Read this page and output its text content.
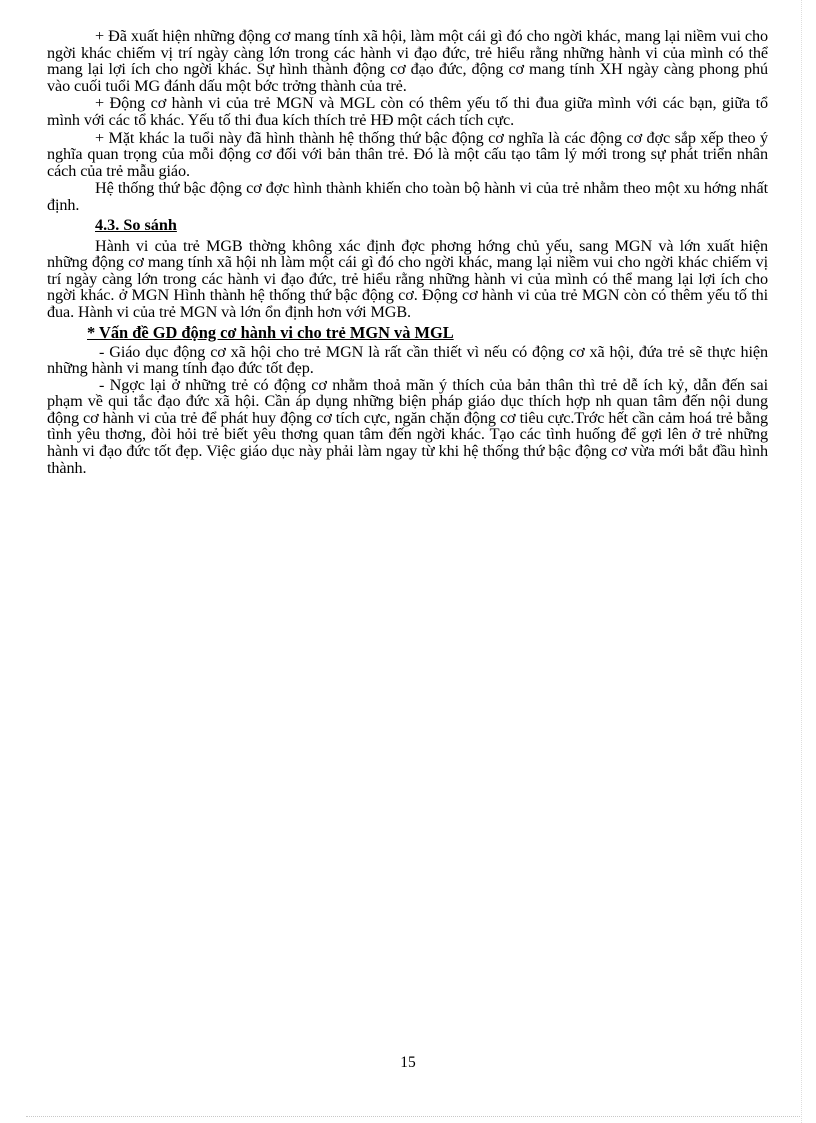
+ Đã xuất hiện những động cơ mang tính xã hội, làm một cái gì đó cho ngời khác, mang lại niềm vui cho ngời khác chiếm vị trí ngày càng lớn trong các hành vi đạo đức, trẻ hiểu rằng những hành vi của mình có thể mang lại lợi ích cho ngời khác. Sự hình thành động cơ đạo đức, động cơ mang tính XH ngày càng phong phú vào cuối tuổi MG đánh dấu một bớc trởng thành của trẻ.

+ Động cơ hành vi của trẻ MGN và MGL còn có thêm yếu tố thi đua giữa mình với các bạn, giữa tổ mình với các tổ khác. Yếu tố thi đua kích thích trẻ HĐ một cách tích cực.

+ Mặt khác la tuổi này đã hình thành hệ thống thứ bậc động cơ nghĩa là các động cơ đợc sắp xếp theo ý nghĩa quan trọng của mỗi động cơ đối với bản thân trẻ. Đó là một cấu tạo tâm lý mới trong sự phát triển nhân cách của trẻ mẫu giáo.

Hệ thống thứ bậc động cơ đợc hình thành khiến cho toàn bộ hành vi của trẻ nhằm theo một xu hớng nhất định.

4.3. So sánh

Hành vi của trẻ MGB thờng không xác định đợc phơng hớng chủ yếu, sang MGN và lớn xuất hiện những động cơ mang tính xã hội nh làm một cái gì đó cho ngời khác, mang lại niềm vui cho ngời khác chiếm vị trí ngày càng lớn trong các hành vi đạo đức, trẻ hiểu rằng những hành vi của mình có thể mang lại lợi ích cho ngời khác. ở MGN Hình thành hệ thống thứ bậc động cơ. Động cơ hành vi của trẻ MGN còn có thêm yếu tố thi đua. Hành vi của trẻ MGN và lớn ổn định hơn với MGB.

* Vấn đề GD động cơ hành vi cho trẻ MGN và MGL

- Giáo dục động cơ xã hội cho trẻ MGN là rất cần thiết vì nếu có động cơ xã hội, đứa trẻ sẽ thực hiện những hành vi mang tính đạo đức tốt đẹp.

- Ngợc lại ở những trẻ có động cơ nhằm thoả mãn ý thích của bản thân thì trẻ dễ ích kỷ, dẫn đến sai phạm về qui tắc đạo đức xã hội. Cần áp dụng những biện pháp giáo dục thích hợp nh quan tâm đến nội dung động cơ hành vi của trẻ để phát huy động cơ tích cực, ngăn chặn động cơ tiêu cực.Trớc hết cần cảm hoá trẻ bằng tình yêu thơng, đòi hỏi trẻ biết yêu thơng quan tâm đến ngời khác. Tạo các tình huống để gợi lên ở trẻ những hành vi đạo đức tốt đẹp. Việc giáo dục này phải làm ngay từ khi hệ thống thứ bậc động cơ vừa mới bắt đầu hình thành.

15
